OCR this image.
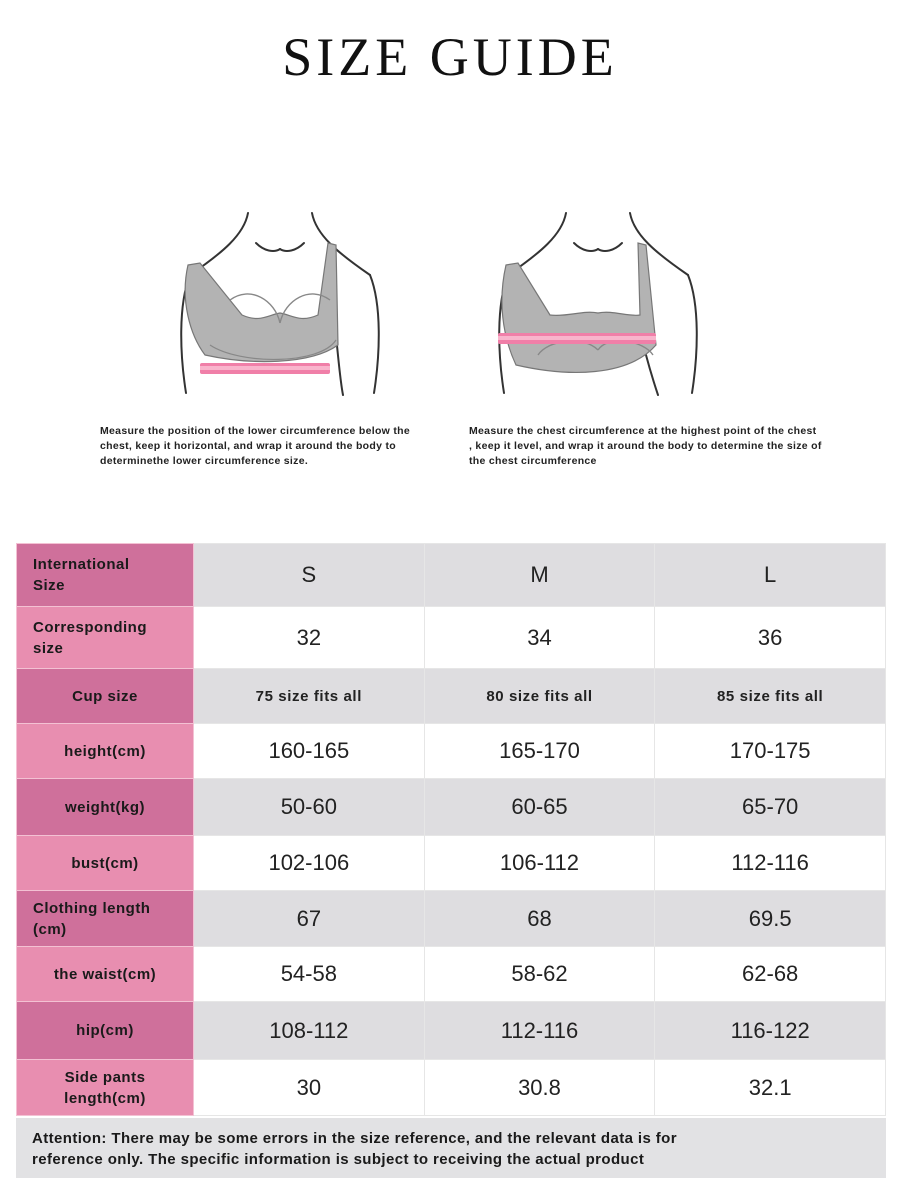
SIZE GUIDE
Measure the position of the lower circumference below the
chest, keep it horizontal, and wrap it around the body to
determinethe lower circumference size.
Measure the chest circumference at the highest point of the chest
, keep it level, and wrap it around the body to determine the size of
the chest circumference
International
Size	S	M	L

Corresponding
size	32	34	36

Cup size	75 size fits all	80 size fits all	85 size fits all

height(cm)	160-165	165-170	170-175

weight(kg)	50-60	60-65	65-70

bust(cm)	102-106	106-112	112-116

Clothing length
(cm)	67	68	69.5

the waist(cm)	54-58	58-62	62-68

hip(cm)	108-112	112-116	116-122

Side pants
length(cm)	30	30.8	32.1
Attention: There may be some errors in the size reference, and the relevant data is for
reference only. The specific information is subject to receiving the actual product
